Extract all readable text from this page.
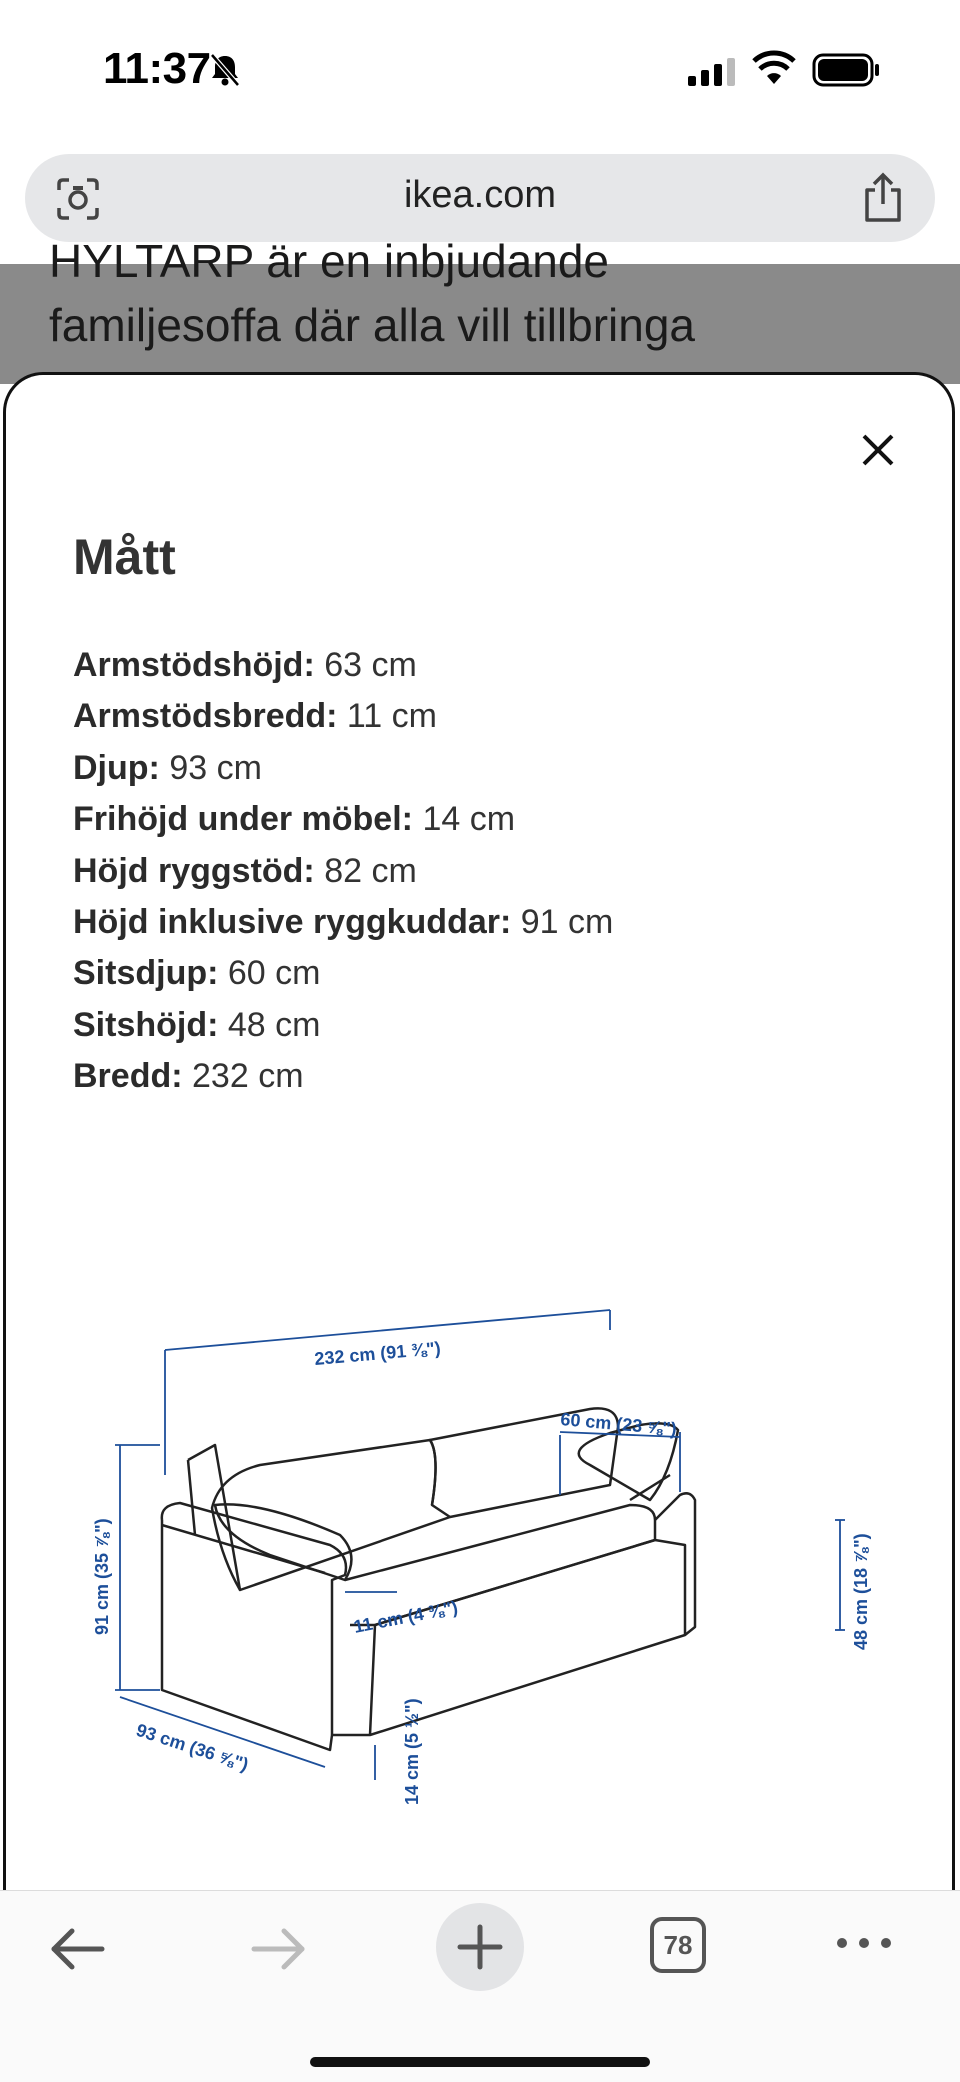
11:37
ikea.com
HYLTARP är en inbjudande
familjesoffa där alla vill tillbringa
Mått
Armstödshöjd: 63 cm
Armstödsbredd: 11 cm
Djup: 93 cm
Frihöjd under möbel: 14 cm
Höjd ryggstöd: 82 cm
Höjd inklusive ryggkuddar: 91 cm
Sitsdjup: 60 cm
Sitshöjd: 48 cm
Bredd: 232 cm
232 cm (91 ⅜")
60 cm (23 ⅝")
91 cm (35 ⅞")	11 cm (4 ⅜")	48 cm (18 ⅞")
93 cm (36 ⅝")	14 cm (5 ½")
78
